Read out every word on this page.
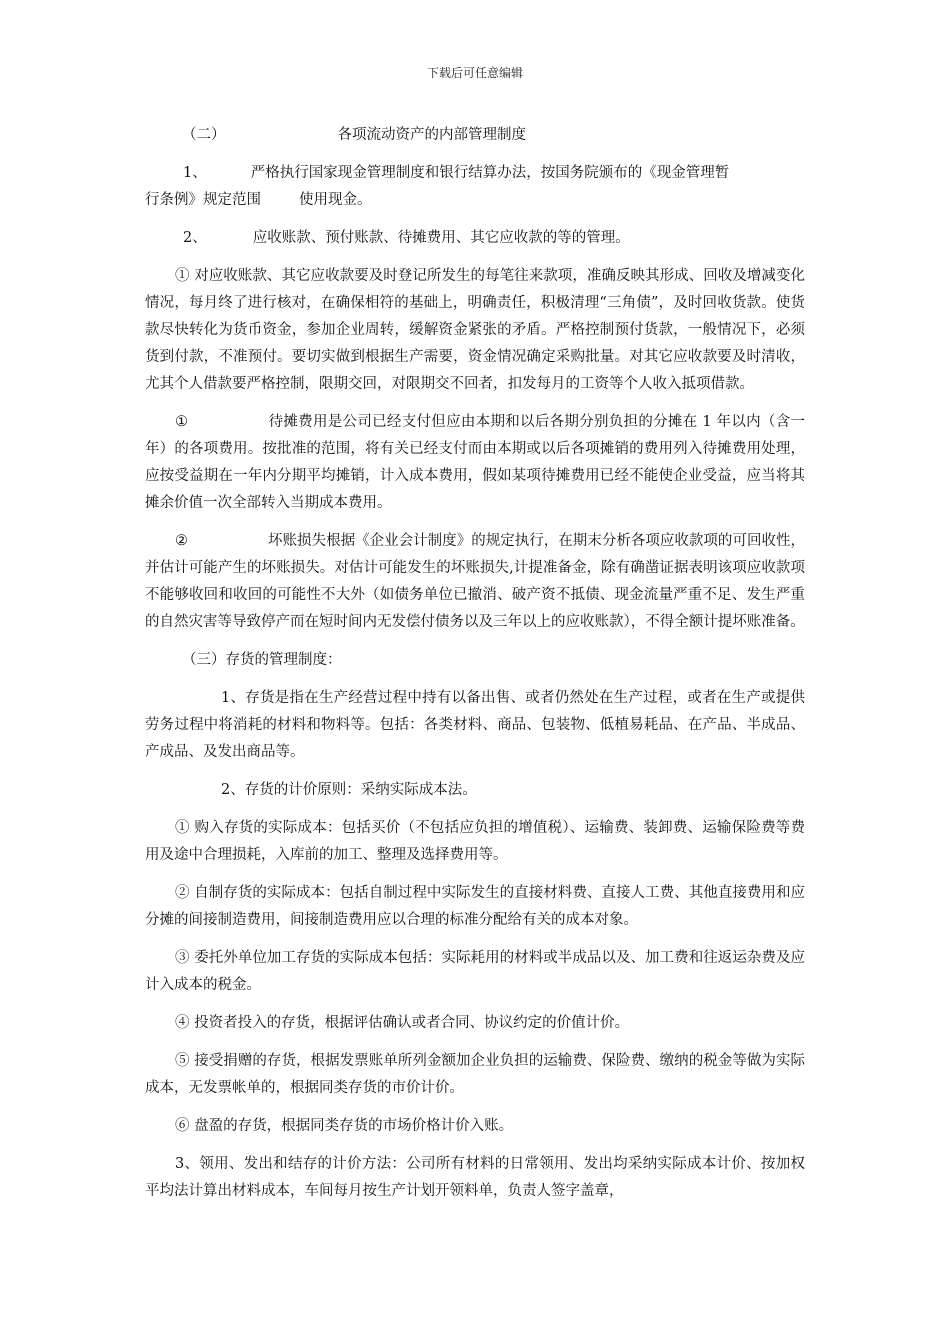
下载后可任意编辑

（二）	各项流动资产的内部管理制度

1、	严格执行国家现金管理制度和银行结算办法，按国务院颁布的《现金管理暂
行条例》规定范围	使用现金。

2、	应收账款、预付账款、待摊费用、其它应收款的等的管理。

① 对应收账款、其它应收款要及时登记所发生的每笔往来款项，准确反映其形成、回收及增减变化情况，每月终了进行核对，在确保相符的基础上，明确责任，积极清理“三角债”，及时回收货款。使货款尽快转化为货币资金，参加企业周转，缓解资金紧张的矛盾。严格控制预付货款，一般情况下，必须货到付款，不准预付。要切实做到根据生产需要，资金情况确定采购批量。对其它应收款要及时清收，尤其个人借款要严格控制，限期交回，对限期交不回者，扣发每月的工资等个人收入抵项借款。

①	待摊费用是公司已经支付但应由本期和以后各期分别负担的分摊在 1 年以内（含一年）的各项费用。按批准的范围，将有关已经支付而由本期或以后各项摊销的费用列入待摊费用处理，应按受益期在一年内分期平均摊销，计入成本费用，假如某项待摊费用已经不能使企业受益，应当将其摊余价值一次全部转入当期成本费用。

②	坏账损失根据《企业会计制度》的规定执行，在期末分析各项应收款项的可回收性，并估计可能产生的坏账损失。对估计可能发生的坏账损失,计提准备金，除有确凿证据表明该项应收款项不能够收回和收回的可能性不大外（如债务单位已撤消、破产资不抵债、现金流量严重不足、发生严重的自然灾害等导致停产而在短时间内无发偿付债务以及三年以上的应收账款），不得全额计提坏账准备。

（三）存货的管理制度：

1、存货是指在生产经营过程中持有以备出售、或者仍然处在生产过程，或者在生产或提供劳务过程中将消耗的材料和物料等。包括：各类材料、商品、包装物、低植易耗品、在产品、半成品、产成品、及发出商品等。

2、存货的计价原则：采纳实际成本法。

① 购入存货的实际成本：包括买价（不包括应负担的增值税）、运输费、装卸费、运输保险费等费用及途中合理损耗，入库前的加工、整理及选择费用等。

② 自制存货的实际成本：包括自制过程中实际发生的直接材料费、直接人工费、其他直接费用和应分摊的间接制造费用，间接制造费用应以合理的标准分配给有关的成本对象。

③ 委托外单位加工存货的实际成本包括：实际耗用的材料或半成品以及、加工费和往返运杂费及应计入成本的税金。

④ 投资者投入的存货，根据评估确认或者合同、协议约定的价值计价。

⑤ 接受捐赠的存货，根据发票账单所列金额加企业负担的运输费、保险费、缴纳的税金等做为实际成本，无发票帐单的，根据同类存货的市价计价。

⑥ 盘盈的存货，根据同类存货的市场价格计价入账。

3、领用、发出和结存的计价方法：公司所有材料的日常领用、发出均采纳实际成本计价、按加权平均法计算出材料成本，车间每月按生产计划开领料单，负责人签字盖章，
